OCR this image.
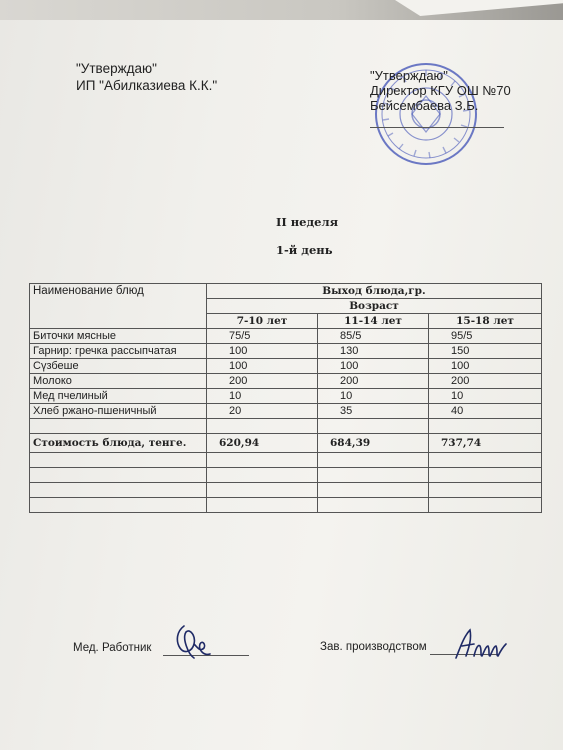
"Утверждаю"
ИП "Абилказиева К.К."
"Утверждаю"
Директор КГУ ОШ №70
Бейсембаева З.Б.
II неделя
1-й день
Наименование блюд	Выход блюда,гр.		
	Возраст		
	7-10 лет	11-14 лет	15-18 лет
Биточки мясные	75/5	85/5	95/5
Гарнир: гречка рассыпчатая	100	130	150
Сүзбеше	100	100	100
Молоко	200	200	200
Мед пчелиный	10	10	10
Хлеб ржано-пшеничный	20	35	40

Стоимость блюда, тенге.	620,94	684,39	737,74

Мед. Работник	Зав. производством
